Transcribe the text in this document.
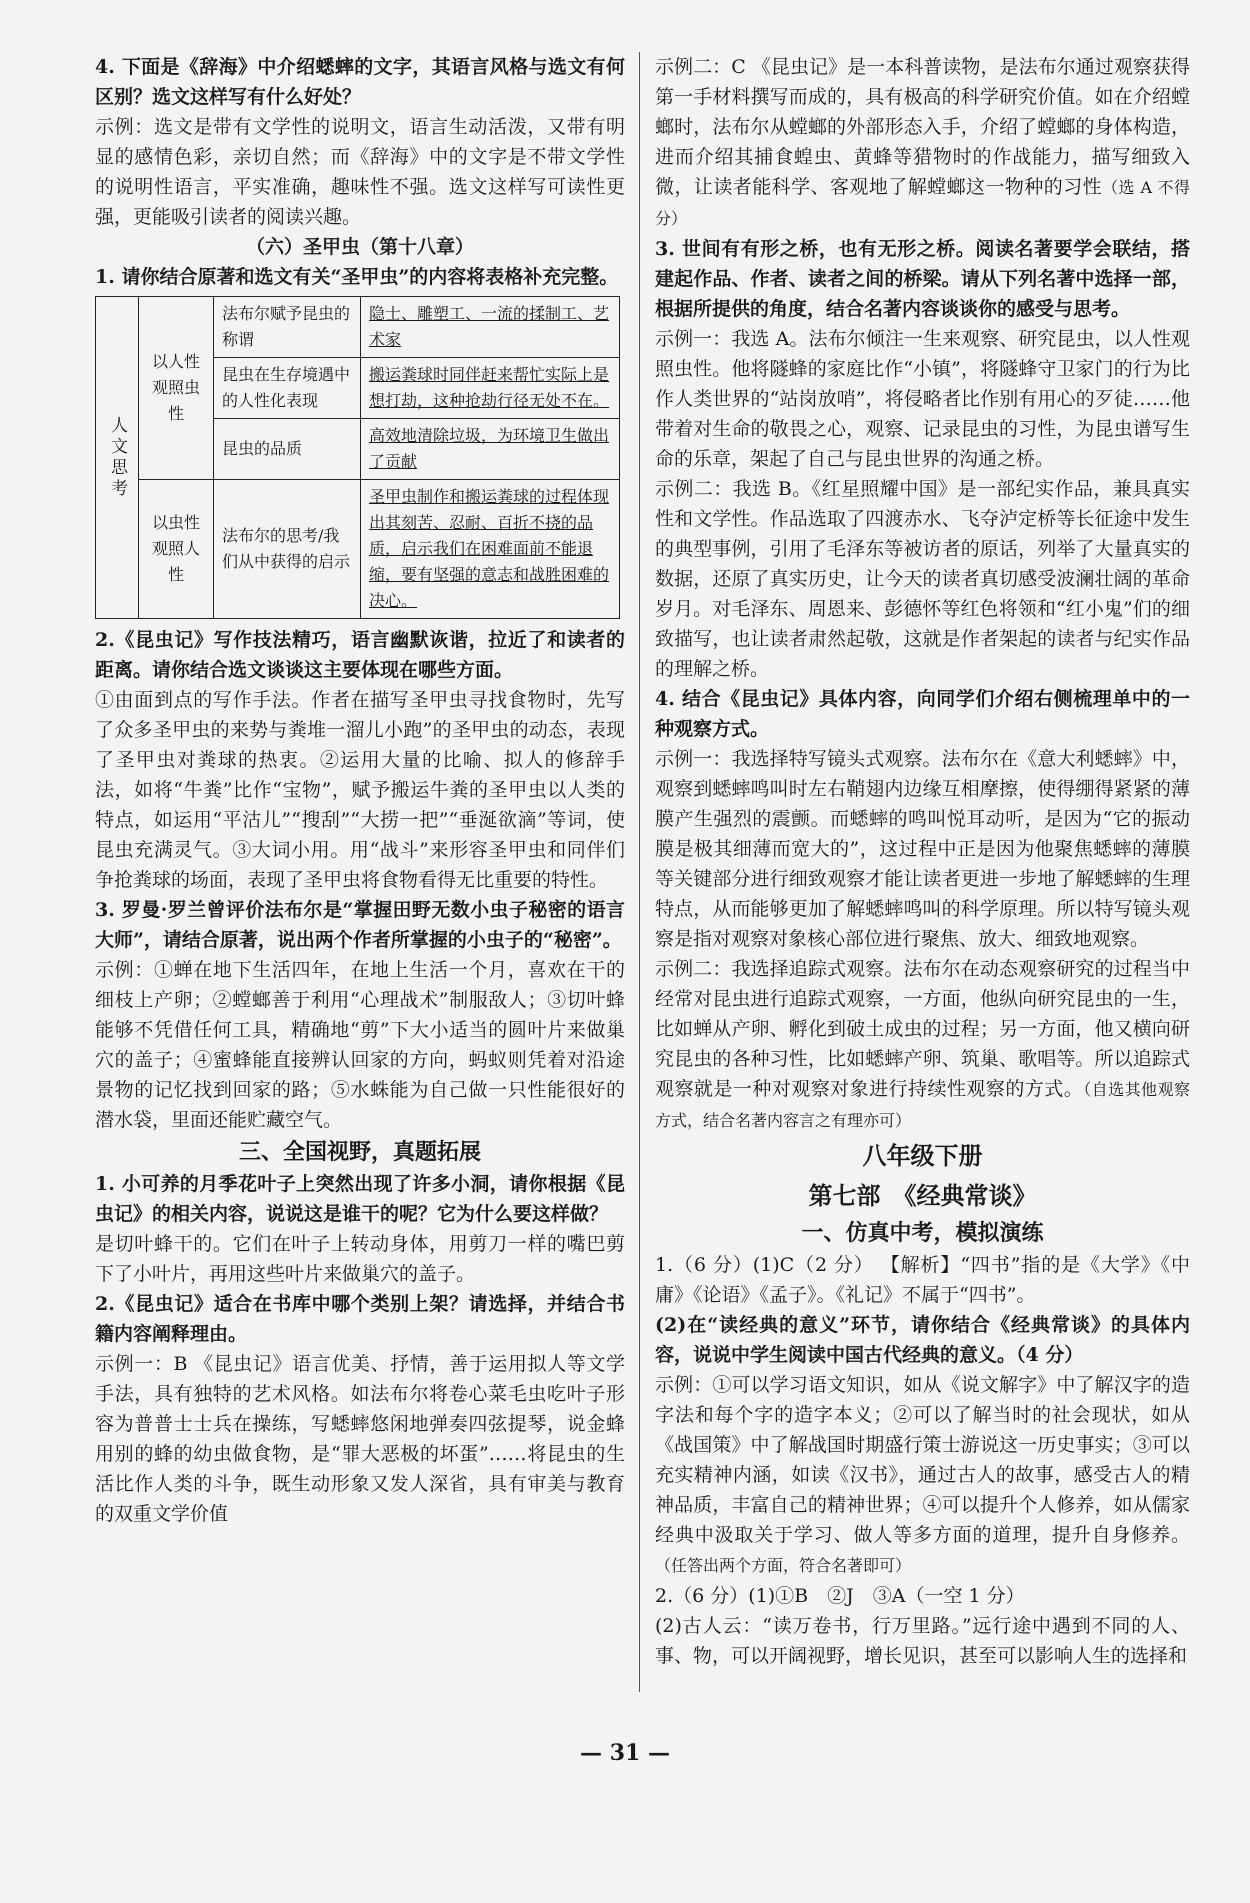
4. 下面是《辞海》中介绍蟋蟀的文字，其语言风格与选文有何区别？选文这样写有什么好处？

示例：选文是带有文学性的说明文，语言生动活泼，又带有明显的感情色彩，亲切自然；而《辞海》中的文字是不带文学性的说明性语言，平实准确，趣味性不强。选文这样写可读性更强，更能吸引读者的阅读兴趣。

（六）圣甲虫（第十八章）

1. 请你结合原著和选文有关“圣甲虫”的内容将表格补充完整。

人文思考	以人性观照虫性	法布尔赋予昆虫的称谓	隐士、雕塑工、一流的揉制工、艺术家
		昆虫在生存境遇中的人性化表现	搬运粪球时同伴赶来帮忙实际上是想打劫，这种抢劫行径无处不在。
		昆虫的品质	高效地清除垃圾，为环境卫生做出了贡献
	以虫性观照人性	法布尔的思考/我们从中获得的启示	圣甲虫制作和搬运粪球的过程体现出其刻苦、忍耐、百折不挠的品质，启示我们在困难面前不能退缩，要有坚强的意志和战胜困难的决心。

2.《昆虫记》写作技法精巧，语言幽默诙谐，拉近了和读者的距离。请你结合选文谈谈这主要体现在哪些方面。

①由面到点的写作手法。作者在描写圣甲虫寻找食物时，先写了众多圣甲虫的来势与粪堆一溜儿小跑”的圣甲虫的动态，表现了圣甲虫对粪球的热衷。②运用大量的比喻、拟人的修辞手法，如将“牛粪”比作“宝物”，赋予搬运牛粪的圣甲虫以人类的特点，如运用“平沽儿”“搜刮”“大捞一把”“垂涎欲滴”等词，使昆虫充满灵气。③大词小用。用“战斗”来形容圣甲虫和同伴们争抢粪球的场面，表现了圣甲虫将食物看得无比重要的特性。

3. 罗曼·罗兰曾评价法布尔是“掌握田野无数小虫子秘密的语言大师”，请结合原著，说出两个作者所掌握的小虫子的“秘密”。

示例：①蝉在地下生活四年，在地上生活一个月，喜欢在干的细枝上产卵；②螳螂善于利用“心理战术”制服敌人；③切叶蜂能够不凭借任何工具，精确地“剪”下大小适当的圆叶片来做巢穴的盖子；④蜜蜂能直接辨认回家的方向，蚂蚁则凭着对沿途景物的记忆找到回家的路；⑤水蛛能为自己做一只性能很好的潜水袋，里面还能贮藏空气。

三、全国视野，真题拓展

1. 小可养的月季花叶子上突然出现了许多小洞，请你根据《昆虫记》的相关内容，说说这是谁干的呢？它为什么要这样做？

是切叶蜂干的。它们在叶子上转动身体，用剪刀一样的嘴巴剪下了小叶片，再用这些叶片来做巢穴的盖子。

2.《昆虫记》适合在书库中哪个类别上架？请选择，并结合书籍内容阐释理由。

示例一：B 《昆虫记》语言优美、抒情，善于运用拟人等文学手法，具有独特的艺术风格。如法布尔将卷心菜毛虫吃叶子形容为普普士士兵在操练，写蟋蟀悠闲地弹奏四弦提琴，说金蜂用别的蜂的幼虫做食物，是“罪大恶极的坏蛋”……将昆虫的生活比作人类的斗争，既生动形象又发人深省，具有审美与教育的双重文学价值

示例二：C 《昆虫记》是一本科普读物，是法布尔通过观察获得第一手材料撰写而成的，具有极高的科学研究价值。如在介绍螳螂时，法布尔从螳螂的外部形态入手，介绍了螳螂的身体构造，进而介绍其捕食蝗虫、黄蜂等猎物时的作战能力，描写细致入微，让读者能科学、客观地了解螳螂这一物种的习性（选 A 不得分）

3. 世间有有形之桥，也有无形之桥。阅读名著要学会联结，搭建起作品、作者、读者之间的桥梁。请从下列名著中选择一部，根据所提供的角度，结合名著内容谈谈你的感受与思考。

示例一：我选 A。法布尔倾注一生来观察、研究昆虫，以人性观照虫性。他将隧蜂的家庭比作“小镇”，将隧蜂守卫家门的行为比作人类世界的“站岗放哨”，将侵略者比作别有用心的歹徒……他带着对生命的敬畏之心，观察、记录昆虫的习性，为昆虫谱写生命的乐章，架起了自己与昆虫世界的沟通之桥。

示例二：我选 B。《红星照耀中国》是一部纪实作品，兼具真实性和文学性。作品选取了四渡赤水、飞夺泸定桥等长征途中发生的典型事例，引用了毛泽东等被访者的原话，列举了大量真实的数据，还原了真实历史，让今天的读者真切感受波澜壮阔的革命岁月。对毛泽东、周恩来、彭德怀等红色将领和“红小鬼”们的细致描写，也让读者肃然起敬，这就是作者架起的读者与纪实作品的理解之桥。

4. 结合《昆虫记》具体内容，向同学们介绍右侧梳理单中的一种观察方式。

示例一：我选择特写镜头式观察。法布尔在《意大利蟋蟀》中，观察到蟋蟀鸣叫时左右鞘翅内边缘互相摩擦，使得绷得紧紧的薄膜产生强烈的震颤。而蟋蟀的鸣叫悦耳动听，是因为“它的振动膜是极其细薄而宽大的”，这过程中正是因为他聚焦蟋蟀的薄膜等关键部分进行细致观察才能让读者更进一步地了解蟋蟀的生理特点，从而能够更加了解蟋蟀鸣叫的科学原理。所以特写镜头观察是指对观察对象核心部位进行聚焦、放大、细致地观察。

示例二：我选择追踪式观察。法布尔在动态观察研究的过程当中经常对昆虫进行追踪式观察，一方面，他纵向研究昆虫的一生，比如蝉从产卵、孵化到破土成虫的过程；另一方面，他又横向研究昆虫的各种习性，比如蟋蟀产卵、筑巢、歌唱等。所以追踪式观察就是一种对观察对象进行持续性观察的方式。（自选其他观察方式，结合名著内容言之有理亦可）

八年级下册

第七部　《经典常谈》

一、仿真中考，模拟演练

1.（6 分）(1)C（2 分） 【解析】“四书”指的是《大学》《中庸》《论语》《孟子》。《礼记》不属于“四书”。

(2)在“读经典的意义”环节，请你结合《经典常谈》的具体内容，说说中学生阅读中国古代经典的意义。（4 分）

示例：①可以学习语文知识，如从《说文解字》中了解汉字的造字法和每个字的造字本义；②可以了解当时的社会现状，如从《战国策》中了解战国时期盛行策士游说这一历史事实；③可以充实精神内涵，如读《汉书》，通过古人的故事，感受古人的精神品质，丰富自己的精神世界；④可以提升个人修养，如从儒家经典中汲取关于学习、做人等多方面的道理，提升自身修养。（任答出两个方面，符合名著即可）

2.（6 分）(1)①B　②J　③A（一空 1 分）

(2)古人云：“读万卷书，行万里路。”远行途中遇到不同的人、事、物，可以开阔视野，增长见识，甚至可以影响人生的选择和

— 31 —
